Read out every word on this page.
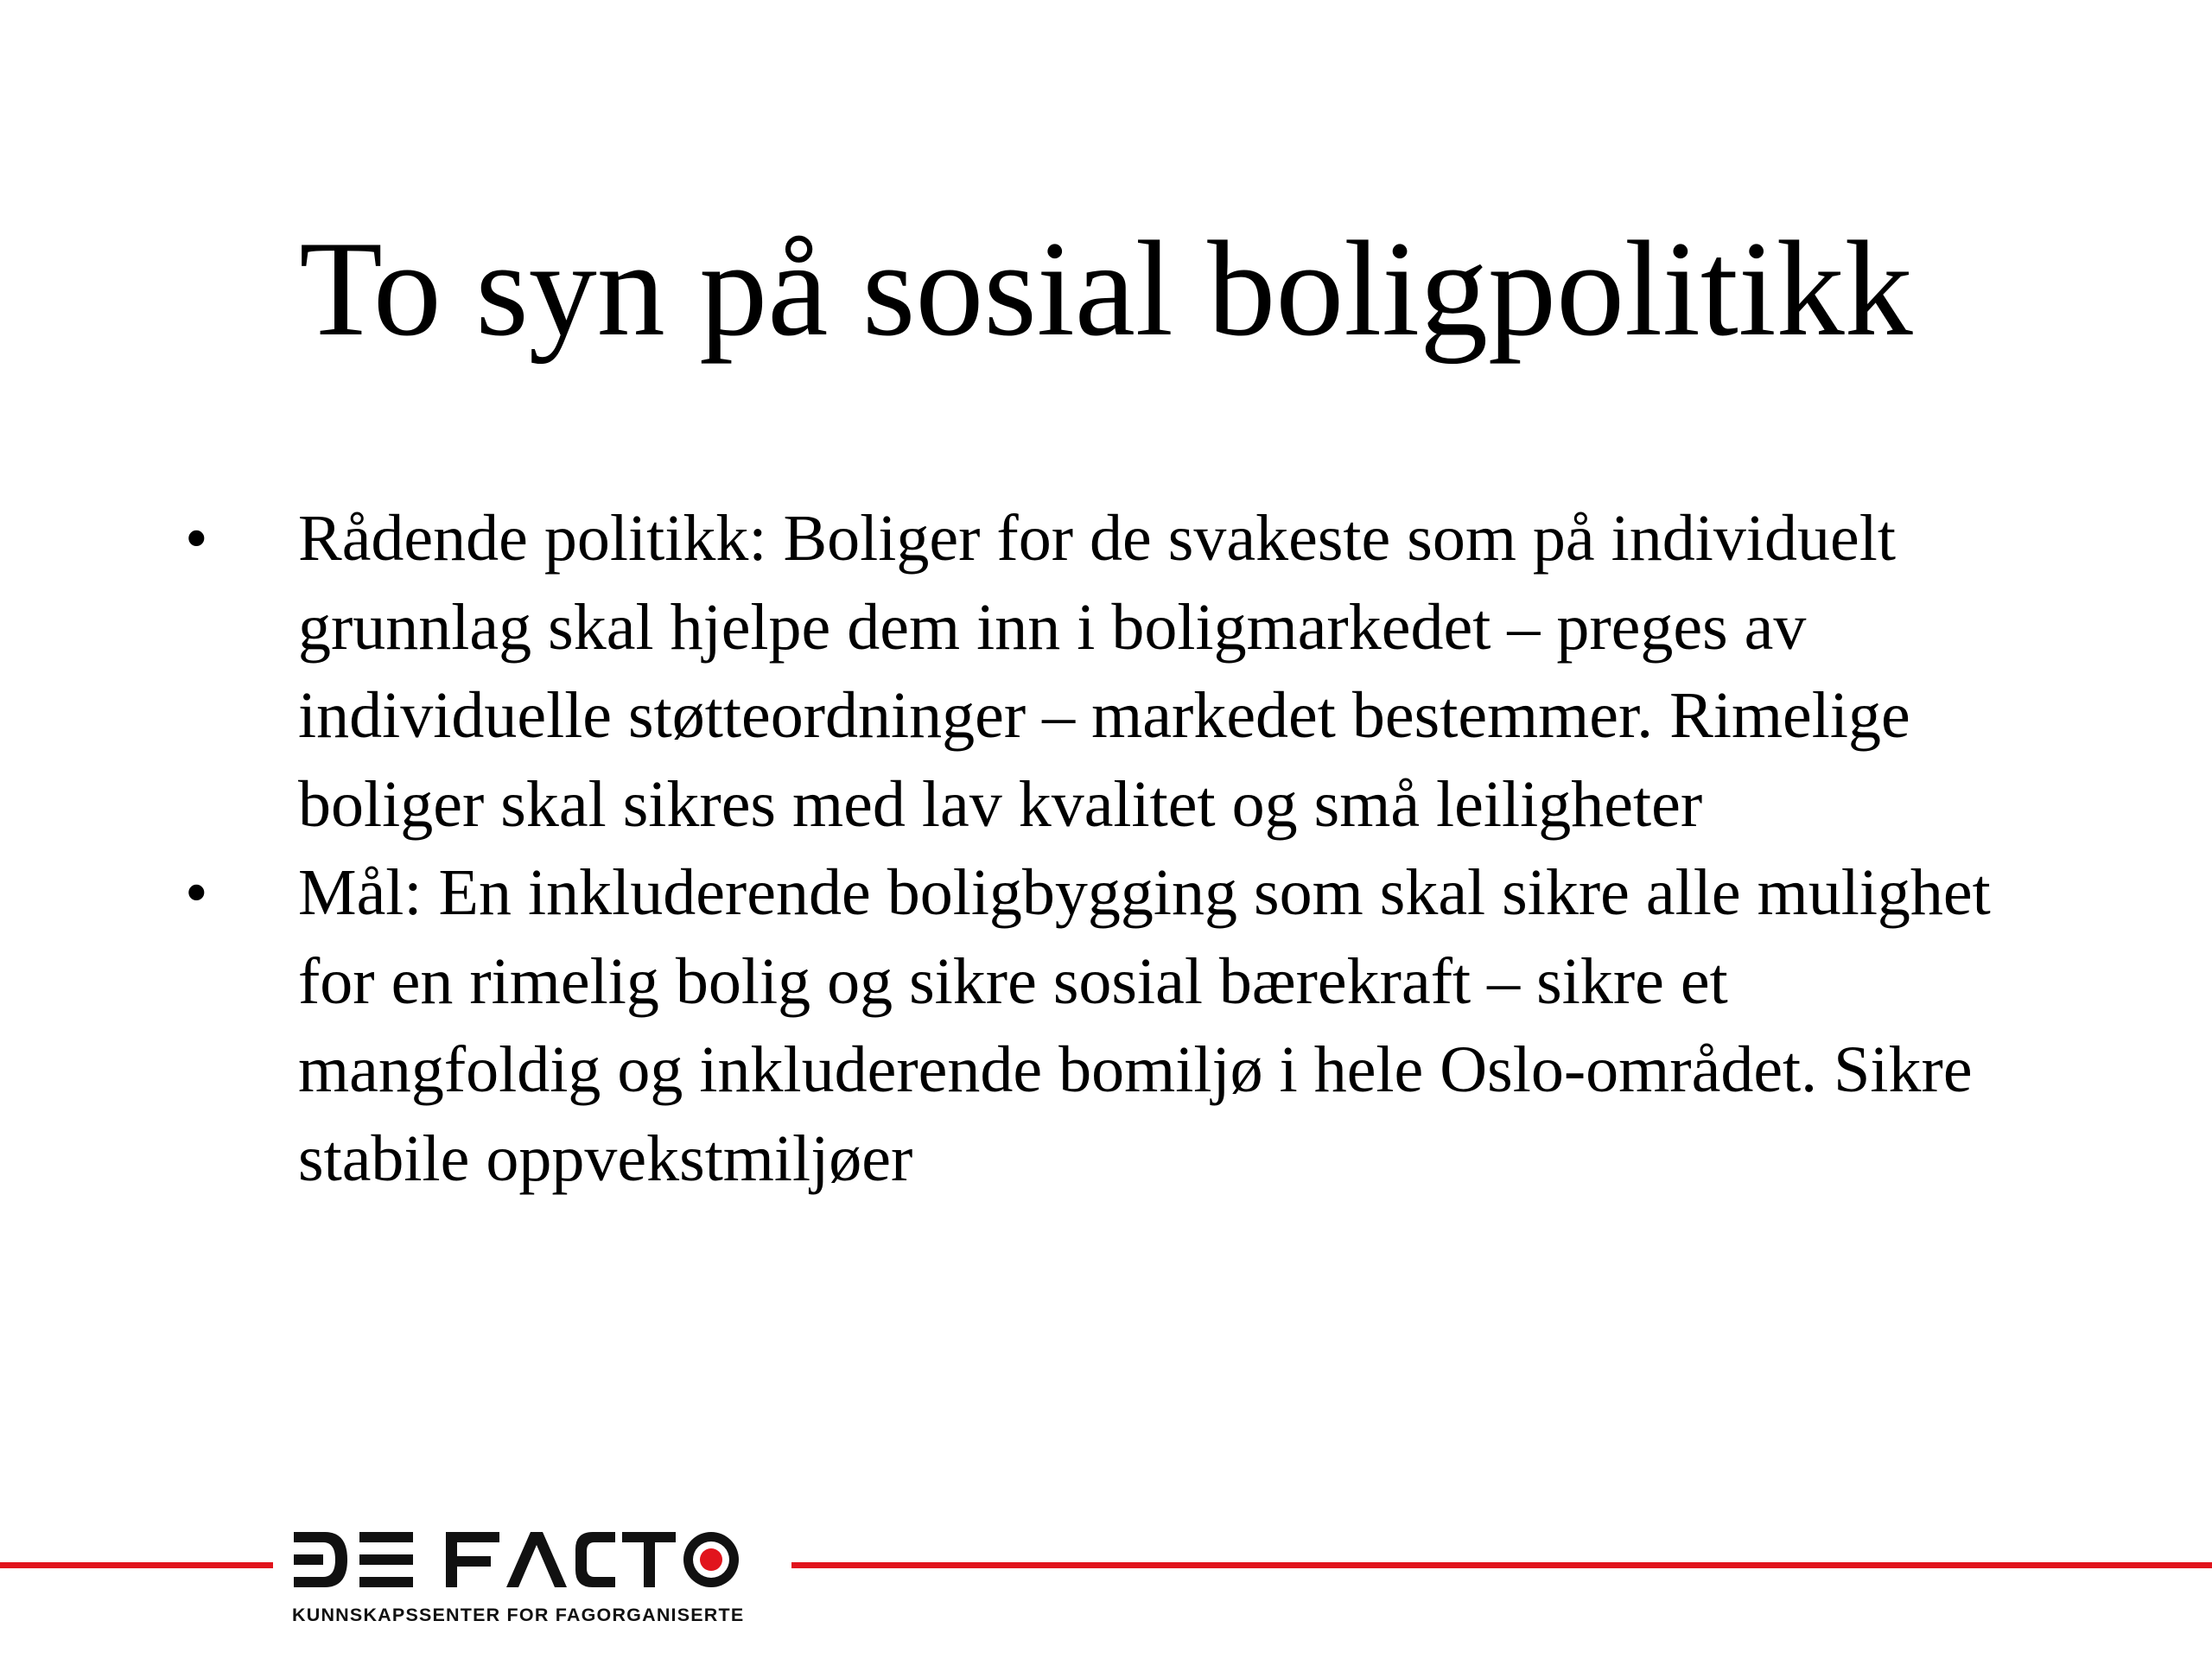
To syn på sosial boligpolitikk
• Rådende politikk: Boliger for de svakeste som på individuelt grunnlag skal hjelpe dem inn i boligmarkedet – preges av individuelle støtteordninger – markedet bestemmer. Rimelige boliger skal sikres med lav kvalitet og små leiligheter
• Mål: En inkluderende boligbygging som skal sikre alle mulighet for en rimelig bolig og sikre sosial bærekraft – sikre et mangfoldig og inkluderende bomiljø i hele Oslo-området. Sikre stabile oppvekstmiljøer
KUNNSKAPSSENTER FOR FAGORGANISERTE
